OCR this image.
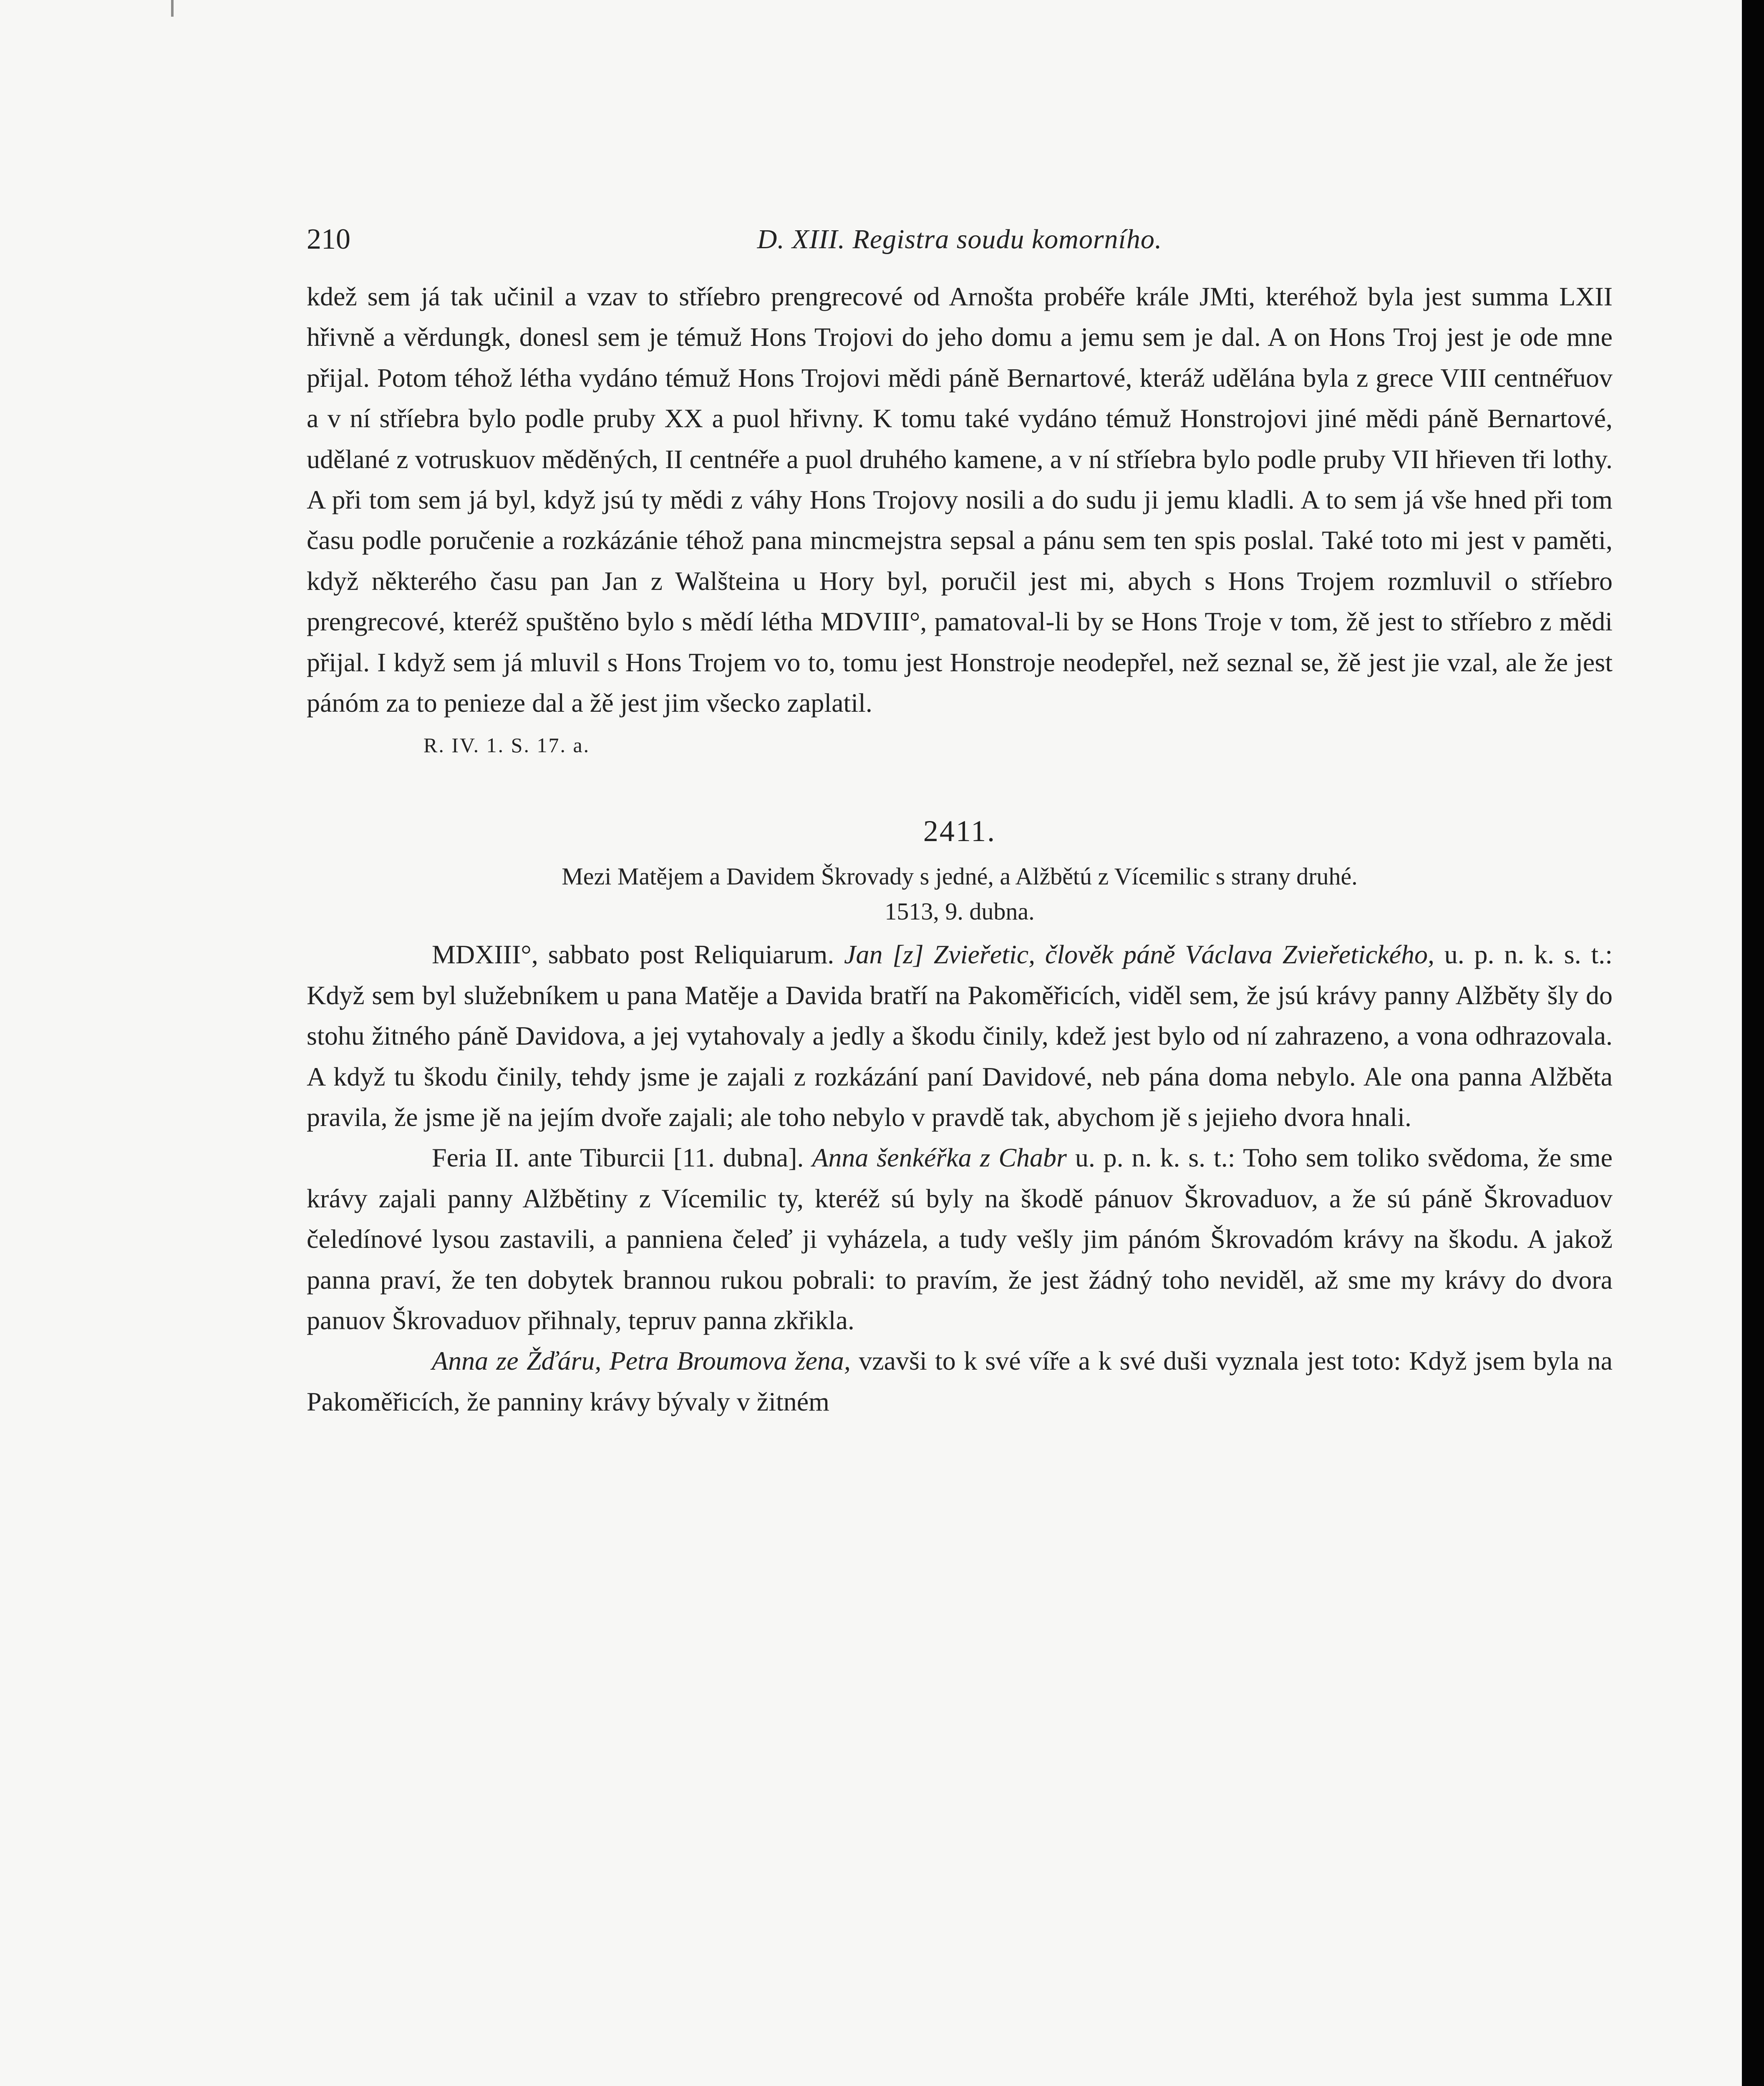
210	D. XIII. Registra soudu komorního.

kdež sem já tak učinil a vzav to stříebro prengrecové od Arnošta probéře krále JMti, kteréhož byla jest summa LXII hřivně a věrdungk, donesl sem je témuž Hons Trojovi do jeho domu a jemu sem je dal. A on Hons Troj jest je ode mne přijal. Potom téhož létha vydáno témuž Hons Trojovi mědi páně Bernartové, kteráž udělána byla z grece VIII centnéřuov a v ní stříebra bylo podle pruby XX a puol hřivny. K tomu také vydáno témuž Honstrojovi jiné mědi páně Bernartové, udělané z votruskuov měděných, II centnéře a puol druhého kamene, a v ní stříebra bylo podle pruby VII hřieven tři lothy. A při tom sem já byl, když jsú ty mědi z váhy Hons Trojovy nosili a do sudu ji jemu kladli. A to sem já vše hned při tom času podle poručenie a rozkázánie téhož pana mincmejstra sepsal a pánu sem ten spis poslal. Také toto mi jest v paměti, když některého času pan Jan z Walšteina u Hory byl, poručil jest mi, abych s Hons Trojem rozmluvil o stříebro prengrecové, kteréž spuštěno bylo s mědí létha MDVIII°, pamatoval-li by se Hons Troje v tom, žě jest to stříebro z mědi přijal. I když sem já mluvil s Hons Trojem vo to, tomu jest Honstroje neodepřel, než seznal se, žě jest jie vzal, ale že jest pánóm za to penieze dal a žě jest jim všecko zaplatil.

R. IV. 1. S. 17. a.
2411.
Mezi Matějem a Davidem Škrovady s jedné, a Alžbětú z Vícemilic s strany druhé.
1513, 9. dubna.

MDXIII°, sabbato post Reliquiarum. Jan [z] Zvieřetic, člověk páně Václava Zvieřetického, u. p. n. k. s. t.: Když sem byl služebníkem u pana Matěje a Davida bratří na Pakoměřicích, viděl sem, že jsú krávy panny Alžběty šly do stohu žitného páně Davidova, a jej vytahovaly a jedly a škodu činily, kdež jest bylo od ní zahrazeno, a vona odhrazovala. A když tu škodu činily, tehdy jsme je zajali z rozkázání paní Davidové, neb pána doma nebylo. Ale ona panna Alžběta pravila, že jsme jě na jejím dvoře zajali; ale toho nebylo v pravdě tak, abychom jě s jejieho dvora hnali.

Feria II. ante Tiburcii [11. dubna]. Anna šenkéřka z Chabr u. p. n. k. s. t.: Toho sem toliko svědoma, že sme krávy zajali panny Alžbětiny z Vícemilic ty, kteréž sú byly na škodě pánuov Škrovaduov, a že sú páně Škrovaduov čeledínové lysou zastavili, a panniena čeleď ji vyházela, a tudy vešly jim pánóm Škrovadóm krávy na škodu. A jakož panna praví, že ten dobytek brannou rukou pobrali: to pravím, že jest žádný toho neviděl, až sme my krávy do dvora panuov Škrovaduov přihnaly, tepruv panna zkřikla.

Anna ze Žďáru, Petra Broumova žena, vzavši to k své víře a k své duši vyznala jest toto: Když jsem byla na Pakoměřicích, že panniny krávy bývaly v žitném
